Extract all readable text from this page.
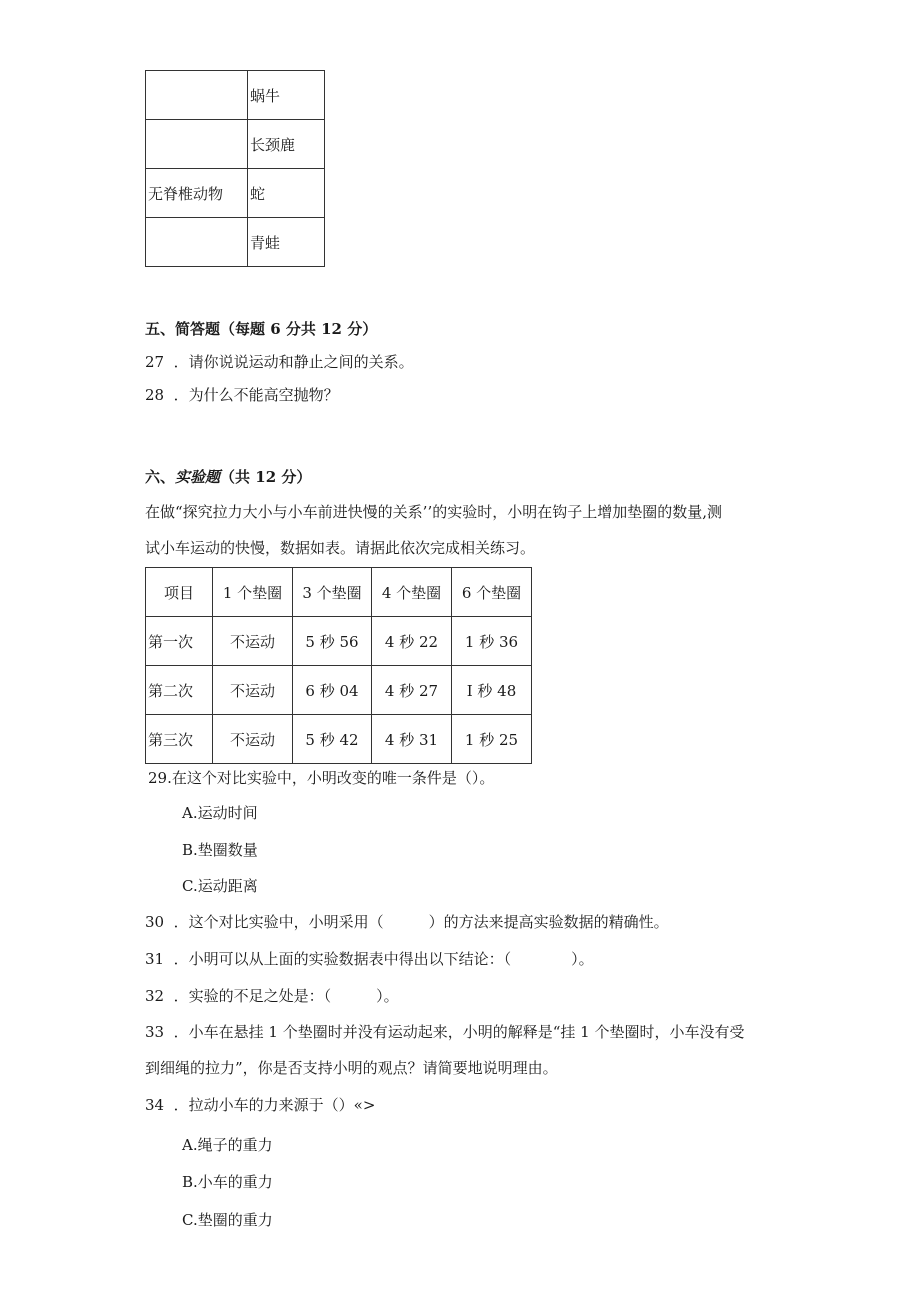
	蜗牛
	长颈鹿
无脊椎动物	蛇
	青蛙
五、简答题（每题 6 分共 12 分）
27 ．请你说说运动和静止之间的关系。
28 ．为什么不能高空抛物？
六、实验题（共 12 分）
在做“探究拉力大小与小车前进快慢的关系’’的实验时，小明在钩子上增加垫圈的数量,测
试小车运动的快慢，数据如表。请据此依次完成相关练习。
项目	1 个垫圈	3 个垫圈	4 个垫圈	6 个垫圈
第一次	不运动	5 秒 56	4 秒 22	1 秒 36
第二次	不运动	6 秒 04	4 秒 27	I 秒 48
第三次	不运动	5 秒 42	4 秒 31	1 秒 25
29.在这个对比实验中，小明改变的唯一条件是（）。
A.运动时间
B.垫圈数量
C.运动距离
30 ．这个对比实验中，小明采用（　　　）的方法来提高实验数据的精确性。
31 ．小明可以从上面的实验数据表中得出以下结论：（　　　　）。
32 ．实验的不足之处是：（　　　）。
33 ．小车在悬挂 1 个垫圈时并没有运动起来，小明的解释是“挂 1 个垫圈时，小车没有受
到细绳的拉力”，你是否支持小明的观点？请简要地说明理由。
34 ．拉动小车的力来源于（）«>
A.绳子的重力
B.小车的重力
C.垫圈的重力
